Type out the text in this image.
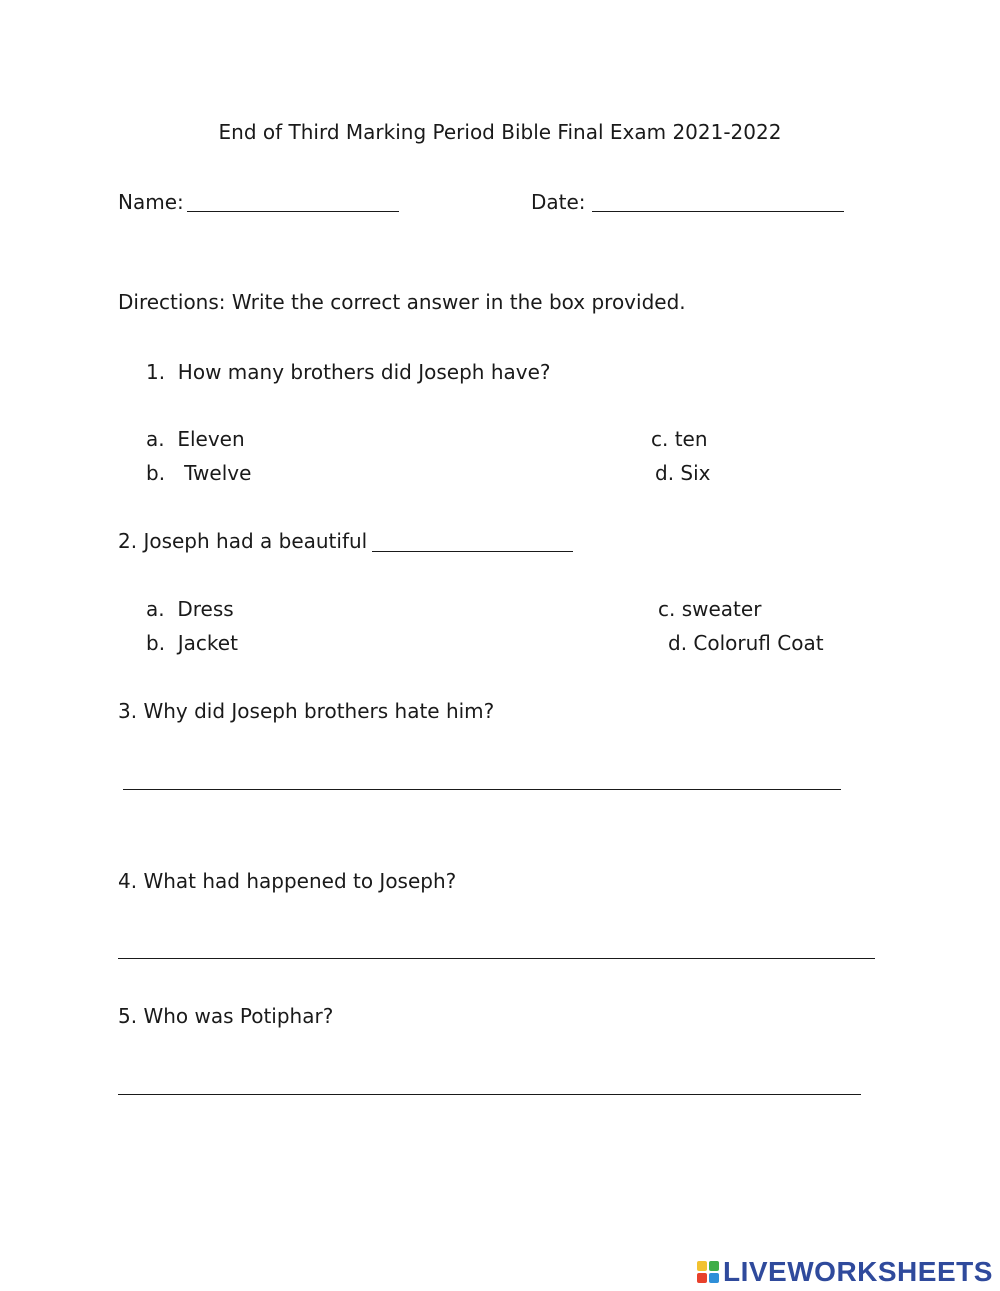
End of Third Marking Period Bible Final Exam 2021-2022
Name:	Date:
Directions: Write the correct answer in the box provided.
1.  How many brothers did Joseph have?
a.  Eleven
b.   Twelve
c. ten
d. Six
2. Joseph had a beautiful
a.  Dress
b.  Jacket
c. sweater
d. Colorufl Coat
3. Why did Joseph brothers hate him?
4. What had happened to Joseph?
5. Who was Potiphar?
LIVEWORKSHEETS
